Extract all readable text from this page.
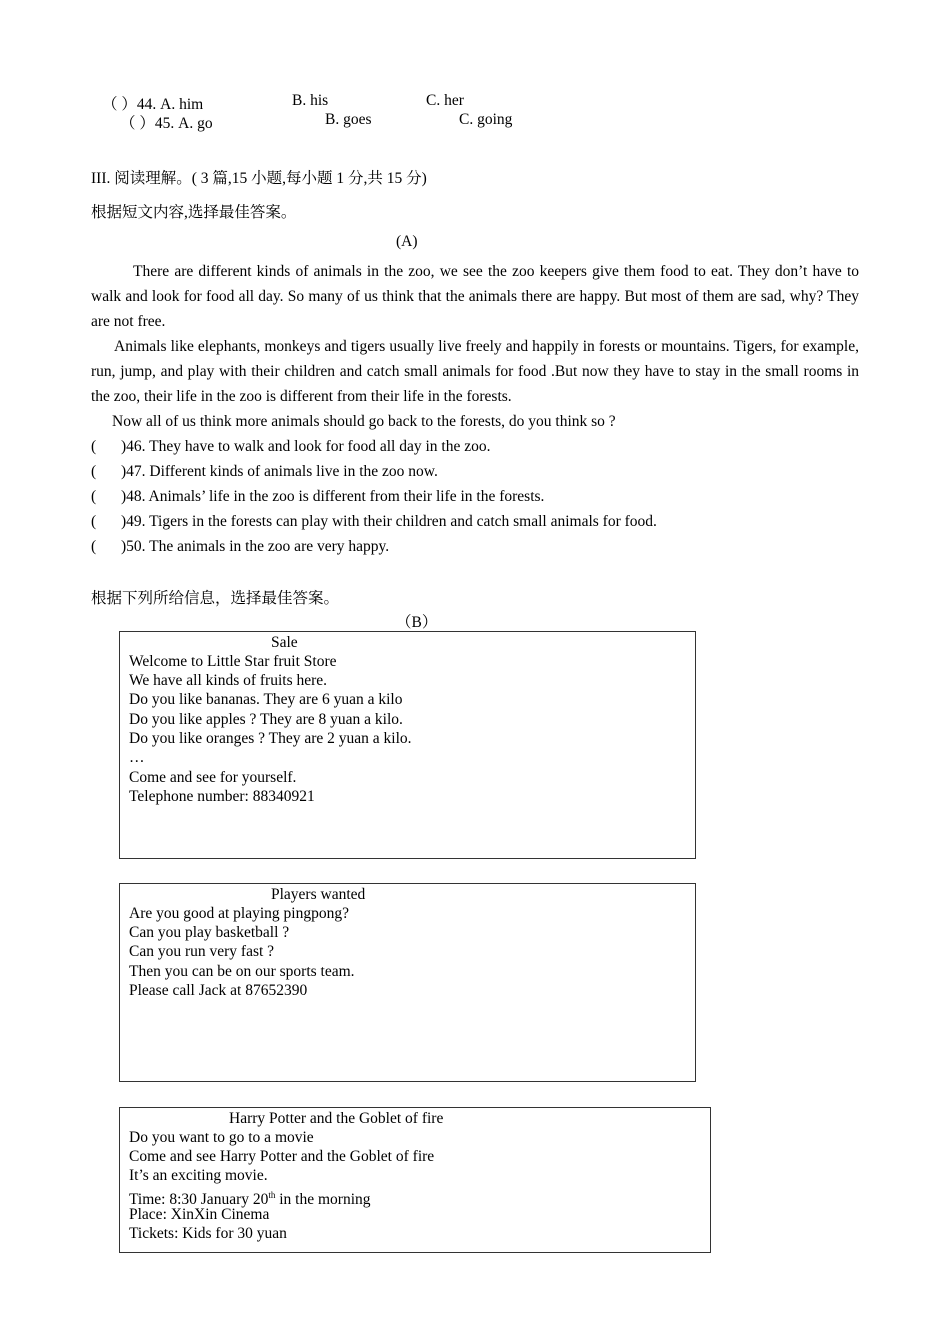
（ ）44. A. him	B. his	C. her
（ ）45. A. go	B. goes	C. going
III. 阅读理解。( 3 篇,15 小题,每小题 1 分,共 15 分)
根据短文内容,选择最佳答案。
(A)
There are different kinds of animals in the zoo, we see the zoo keepers give them food to eat. They don’t have to walk and look for food all day. So many of us think that the animals there are happy. But most of them are sad, why? They are not free.
Animals like elephants, monkeys and tigers usually live freely and happily in forests or mountains. Tigers, for example, run, jump, and play with their children and catch small animals for food .But now they have to stay in the small rooms in the zoo, their life in the zoo is different from their life in the forests.
Now all of us think more animals should go back to the forests, do you think so ?
( )46. They have to walk and look for food all day in the zoo.
( )47. Different kinds of animals live in the zoo now.
( )48. Animals’ life in the zoo is different from their life in the forests.
( )49. Tigers in the forests can play with their children and catch small animals for food.
( )50. The animals in the zoo are very happy.
根据下列所给信息，选择最佳答案。
（B）
Sale
Welcome to Little Star fruit Store
We have all kinds of fruits here.
Do you like bananas. They are 6 yuan a kilo
Do you like apples ? They are 8 yuan a kilo.
Do you like oranges ? They are 2 yuan a kilo.
…
Come and see for yourself.
Telephone number: 88340921
Players wanted
Are you good at playing pingpong?
Can you play basketball ?
Can you run very fast ?
Then you can be on our sports team.
Please call Jack at 87652390
Harry Potter and the Goblet of fire
Do you want to go to a movie
Come and see Harry Potter and the Goblet of fire
It’s an exciting movie.
Time: 8:30 January 20th in the morning
Place: XinXin Cinema
Tickets: Kids for 30 yuan
